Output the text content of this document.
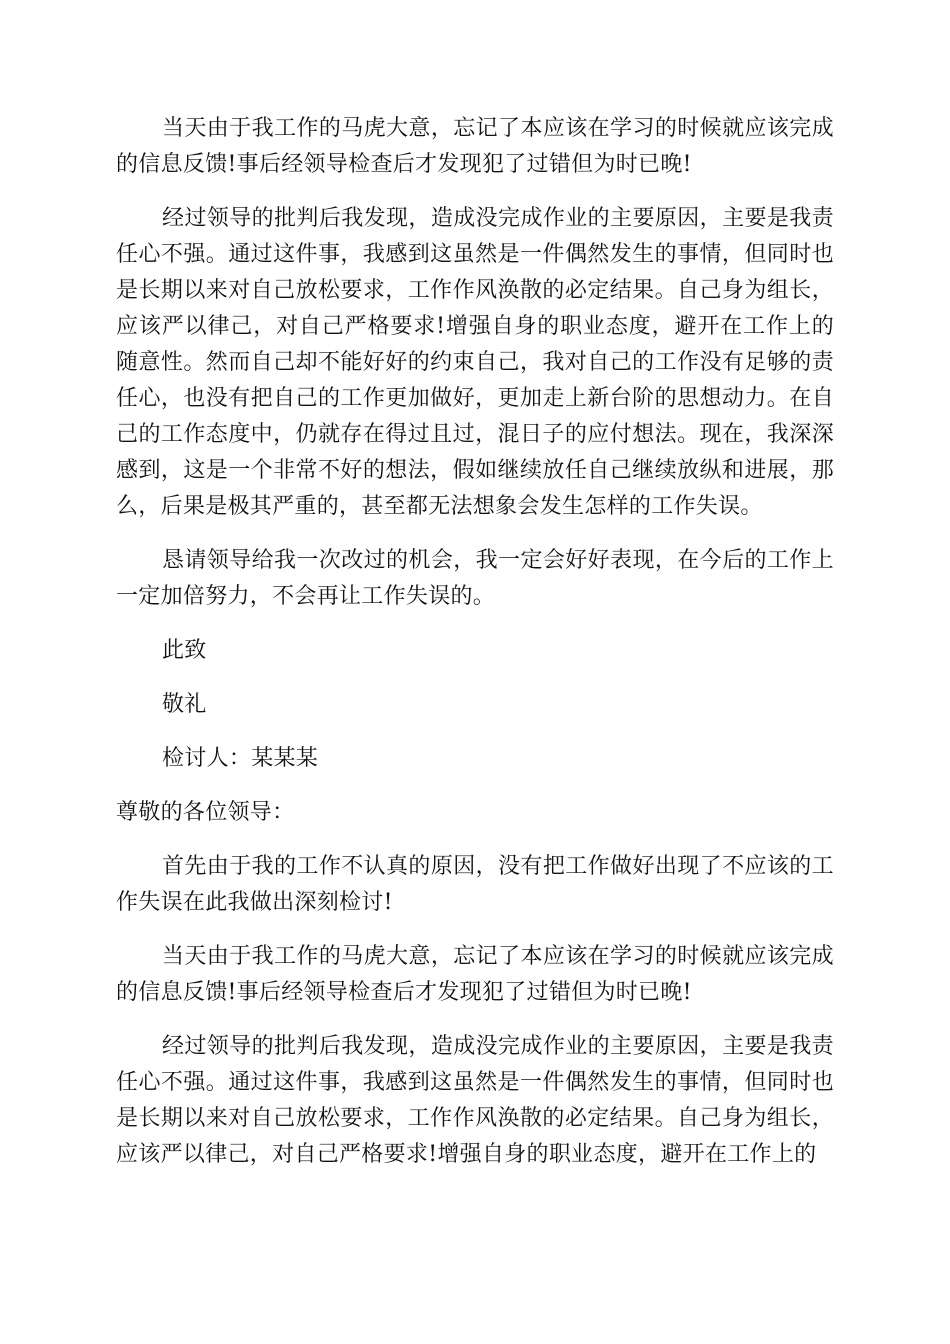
当天由于我工作的马虎大意，忘记了本应该在学习的时候就应该完成的信息反馈!事后经领导检查后才发现犯了过错但为时已晚!

经过领导的批判后我发现，造成没完成作业的主要原因，主要是我责任心不强。通过这件事，我感到这虽然是一件偶然发生的事情，但同时也是长期以来对自己放松要求，工作作风涣散的必定结果。自己身为组长，应该严以律己，对自己严格要求!增强自身的职业态度，避开在工作上的随意性。然而自己却不能好好的约束自己，我对自己的工作没有足够的责任心，也没有把自己的工作更加做好，更加走上新台阶的思想动力。在自己的工作态度中，仍就存在得过且过，混日子的应付想法。现在，我深深感到，这是一个非常不好的想法，假如继续放任自己继续放纵和进展，那么，后果是极其严重的，甚至都无法想象会发生怎样的工作失误。

恳请领导给我一次改过的机会，我一定会好好表现，在今后的工作上一定加倍努力，不会再让工作失误的。

此致

敬礼

检讨人：某某某

尊敬的各位领导：

首先由于我的工作不认真的原因，没有把工作做好出现了不应该的工作失误在此我做出深刻检讨!

当天由于我工作的马虎大意，忘记了本应该在学习的时候就应该完成的信息反馈!事后经领导检查后才发现犯了过错但为时已晚!

经过领导的批判后我发现，造成没完成作业的主要原因，主要是我责任心不强。通过这件事，我感到这虽然是一件偶然发生的事情，但同时也是长期以来对自己放松要求，工作作风涣散的必定结果。自己身为组长，应该严以律己，对自己严格要求!增强自身的职业态度，避开在工作上的
